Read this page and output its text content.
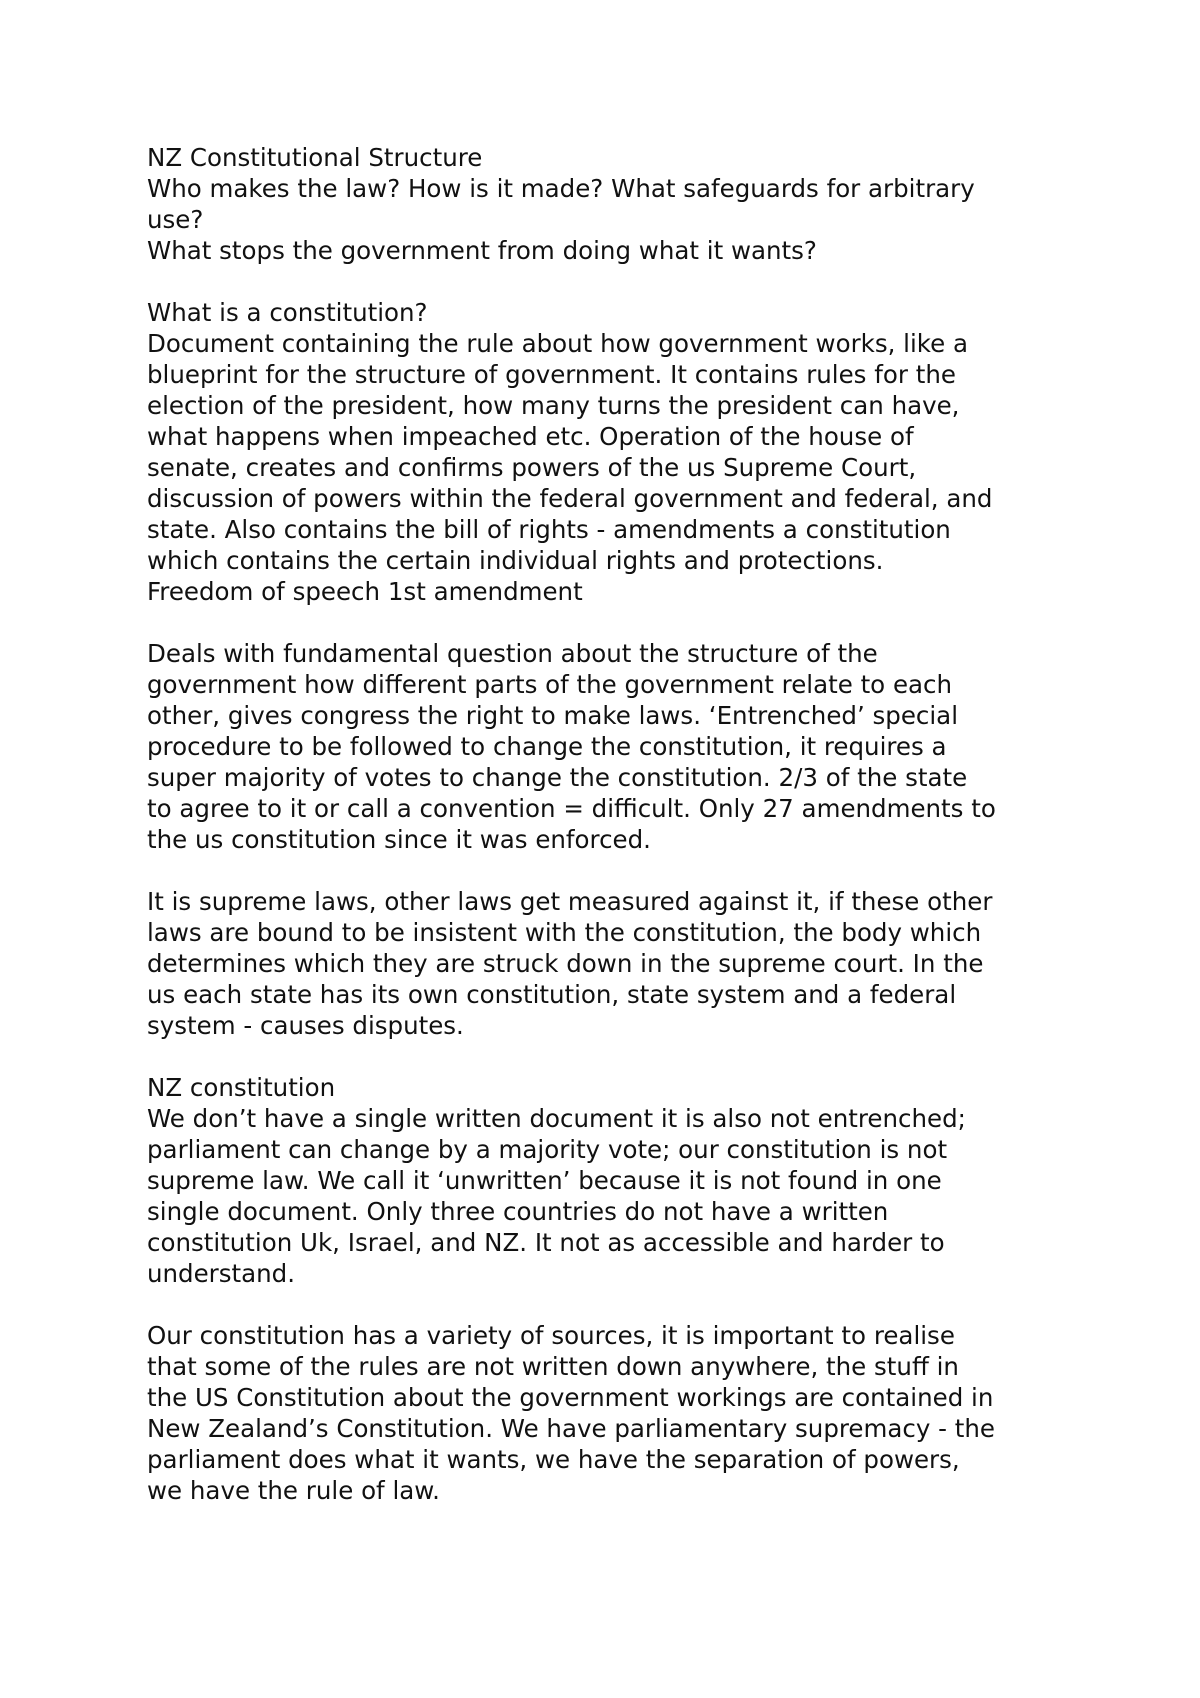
NZ Constitutional Structure

Who makes the law? How is it made? What safeguards for arbitrary

use?

What stops the government from doing what it wants?

What is a constitution?

Document containing the rule about how government works, like a

blueprint for the structure of government. It contains rules for the

election of the president, how many turns the president can have,

what happens when impeached etc. Operation of the house of

senate, creates and confirms powers of the us Supreme Court,

discussion of powers within the federal government and federal, and

state. Also contains the bill of rights - amendments a constitution

which contains the certain individual rights and protections.

Freedom of speech 1st amendment

Deals with fundamental question about the structure of the

government how different parts of the government relate to each

other, gives congress the right to make laws. ‘Entrenched’ special

procedure to be followed to change the constitution, it requires a

super majority of votes to change the constitution. 2/3 of the state

to agree to it or call a convention = difficult. Only 27 amendments to

the us constitution since it was enforced.

It is supreme laws, other laws get measured against it, if these other

laws are bound to be insistent with the constitution, the body which

determines which they are struck down in the supreme court. In the

us each state has its own constitution, state system and a federal

system - causes disputes.

NZ constitution

We don’t have a single written document it is also not entrenched;

parliament can change by a majority vote; our constitution is not

supreme law. We call it ‘unwritten’ because it is not found in one

single document. Only three countries do not have a written

constitution Uk, Israel, and NZ. It not as accessible and harder to

understand.

Our constitution has a variety of sources, it is important to realise

that some of the rules are not written down anywhere, the stuff in

the US Constitution about the government workings are contained in

New Zealand’s Constitution. We have parliamentary supremacy - the

parliament does what it wants, we have the separation of powers,

we have the rule of law.
